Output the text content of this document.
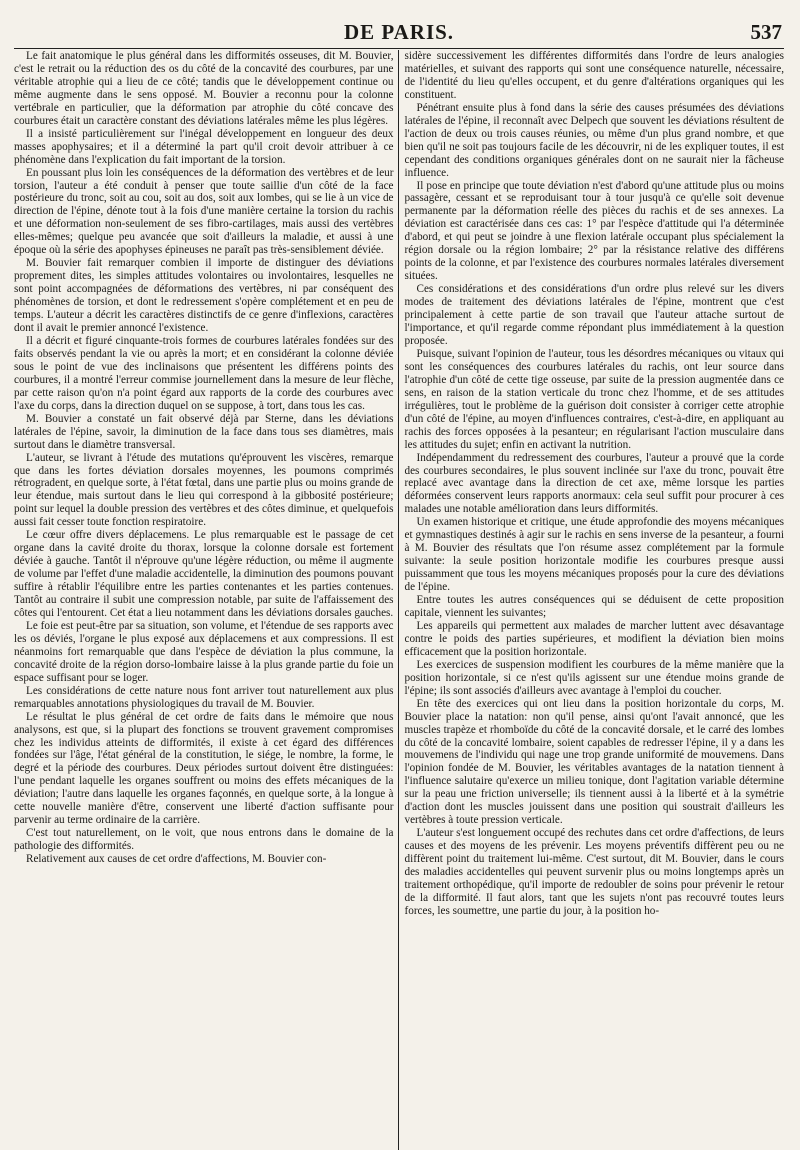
DE PARIS.	537

Le fait anatomique le plus général dans les difformités osseuses, dit M. Bouvier, c'est le retrait ou la réduction des os du côté de la concavité des courbures, par une véritable atrophie qui a lieu de ce côté; tandis que le développement continue ou même augmente dans le sens opposé. M. Bouvier a reconnu pour la colonne vertébrale en particulier, que la déformation par atrophie du côté concave des courbures était un caractère constant des déviations latérales même les plus légères.

Il a insisté particulièrement sur l'inégal développement en longueur des deux masses apophysaires; et il a déterminé la part qu'il croit devoir attribuer à ce phénomène dans l'explication du fait important de la torsion.

En poussant plus loin les conséquences de la déformation des vertèbres et de leur torsion, l'auteur a été conduit à penser que toute saillie d'un côté de la face postérieure du tronc, soit au cou, soit au dos, soit aux lombes, qui se lie à un vice de direction de l'épine, dénote tout à la fois d'une manière certaine la torsion du rachis et une déformation non-seulement de ses fibro-cartilages, mais aussi des vertèbres elles-mêmes; quelque peu avancée que soit d'ailleurs la maladie, et aussi à une époque où la série des apophyses épineuses ne paraît pas très-sensiblement déviée.

M. Bouvier fait remarquer combien il importe de distinguer des déviations proprement dites, les simples attitudes volontaires ou involontaires, lesquelles ne sont point accompagnées de déformations des vertèbres, ni par conséquent des phénomènes de torsion, et dont le redressement s'opère complétement et en peu de temps. L'auteur a décrit les caractères distinctifs de ce genre d'inflexions, caractères dont il avait le premier annoncé l'existence.

Il a décrit et figuré cinquante-trois formes de courbures latérales fondées sur des faits observés pendant la vie ou après la mort; et en considérant la colonne déviée sous le point de vue des inclinaisons que présentent les différens points des courbures, il a montré l'erreur commise journellement dans la mesure de leur flèche, par cette raison qu'on n'a point égard aux rapports de la corde des courbures avec l'axe du corps, dans la direction duquel on se suppose, à tort, dans tous les cas.

M. Bouvier a constaté un fait observé déjà par Sterne, dans les déviations latérales de l'épine, savoir, la diminution de la face dans tous ses diamètres, mais surtout dans le diamètre transversal.

L'auteur, se livrant à l'étude des mutations qu'éprouvent les viscères, remarque que dans les fortes déviation dorsales moyennes, les poumons comprimés rétrogradent, en quelque sorte, à l'état fœtal, dans une partie plus ou moins grande de leur étendue, mais surtout dans le lieu qui correspond à la gibbosité postérieure; point sur lequel la double pression des vertèbres et des côtes diminue, et quelquefois aussi fait cesser toute fonction respiratoire.

Le cœur offre divers déplacemens. Le plus remarquable est le passage de cet organe dans la cavité droite du thorax, lorsque la colonne dorsale est fortement déviée à gauche. Tantôt il n'éprouve qu'une légère réduction, ou même il augmente de volume par l'effet d'une maladie accidentelle, la diminution des poumons pouvant suffire à rétablir l'équilibre entre les parties contenantes et les parties contenues. Tantôt au contraire il subit une compression notable, par suite de l'affaissement des côtes qui l'entourent. Cet état a lieu notamment dans les déviations dorsales gauches.

Le foie est peut-être par sa situation, son volume, et l'étendue de ses rapports avec les os déviés, l'organe le plus exposé aux déplacemens et aux compressions. Il est néanmoins fort remarquable que dans l'espèce de déviation la plus commune, la concavité droite de la région dorso-lombaire laisse à la plus grande partie du foie un espace suffisant pour se loger.

Les considérations de cette nature nous font arriver tout naturellement aux plus remarquables annotations physiologiques du travail de M. Bouvier.

Le résultat le plus général de cet ordre de faits dans le mémoire que nous analysons, est que, si la plupart des fonctions se trouvent gravement compromises chez les individus atteints de difformités, il existe à cet égard des différences fondées sur l'âge, l'état général de la constitution, le siége, le nombre, la forme, le degré et la période des courbures. Deux périodes surtout doivent être distinguées: l'une pendant laquelle les organes souffrent ou moins des effets mécaniques de la déviation; l'autre dans laquelle les organes façonnés, en quelque sorte, à la longue à cette nouvelle manière d'être, conservent une liberté d'action suffisante pour parvenir au terme ordinaire de la carrière.

C'est tout naturellement, on le voit, que nous entrons dans le domaine de la pathologie des difformités.

Relativement aux causes de cet ordre d'affections, M. Bouvier con-

sidère successivement les différentes difformités dans l'ordre de leurs analogies matérielles, et suivant des rapports qui sont une conséquence naturelle, nécessaire, de l'identité du lieu qu'elles occupent, et du genre d'altérations organiques qui les constituent.

Pénétrant ensuite plus à fond dans la série des causes présumées des déviations latérales de l'épine, il reconnaît avec Delpech que souvent les déviations résultent de l'action de deux ou trois causes réunies, ou même d'un plus grand nombre, et que bien qu'il ne soit pas toujours facile de les découvrir, ni de les expliquer toutes, il est cependant des conditions organiques générales dont on ne saurait nier la fâcheuse influence.

Il pose en principe que toute déviation n'est d'abord qu'une attitude plus ou moins passagère, cessant et se reproduisant tour à tour jusqu'à ce qu'elle soit devenue permanente par la déformation réelle des pièces du rachis et de ses annexes. La déviation est caractérisée dans ces cas: 1° par l'espèce d'attitude qui l'a déterminée d'abord, et qui peut se joindre à une flexion latérale occupant plus spécialement la région dorsale ou la région lombaire; 2° par la résistance relative des différens points de la colonne, et par l'existence des courbures normales latérales diversement situées.

Ces considérations et des considérations d'un ordre plus relevé sur les divers modes de traitement des déviations latérales de l'épine, montrent que c'est principalement à cette partie de son travail que l'auteur attache surtout de l'importance, et qu'il regarde comme répondant plus immédiatement à la question proposée.

Puisque, suivant l'opinion de l'auteur, tous les désordres mécaniques ou vitaux qui sont les conséquences des courbures latérales du rachis, ont leur source dans l'atrophie d'un côté de cette tige osseuse, par suite de la pression augmentée dans ce sens, en raison de la station verticale du tronc chez l'homme, et de ses attitudes irrégulières, tout le problème de la guérison doit consister à corriger cette atrophie d'un côté de l'épine, au moyen d'influences contraires, c'est-à-dire, en appliquant au rachis des forces opposées à la pesanteur; en régularisant l'action musculaire dans les attitudes du sujet; enfin en activant la nutrition.

Indépendamment du redressement des courbures, l'auteur a prouvé que la corde des courbures secondaires, le plus souvent inclinée sur l'axe du tronc, pouvait être replacé avec avantage dans la direction de cet axe, même lorsque les parties déformées conservent leurs rapports anormaux: cela seul suffit pour procurer à ces malades une notable amélioration dans leurs difformités.

Un examen historique et critique, une étude approfondie des moyens mécaniques et gymnastiques destinés à agir sur le rachis en sens inverse de la pesanteur, a fourni à M. Bouvier des résultats que l'on résume assez complétement par la formule suivante: la seule position horizontale modifie les courbures presque aussi puissamment que tous les moyens mécaniques proposés pour la cure des déviations de l'épine.

Entre toutes les autres conséquences qui se déduisent de cette proposition capitale, viennent les suivantes;

Les appareils qui permettent aux malades de marcher luttent avec désavantage contre le poids des parties supérieures, et modifient la déviation bien moins efficacement que la position horizontale.

Les exercices de suspension modifient les courbures de la même manière que la position horizontale, si ce n'est qu'ils agissent sur une étendue moins grande de l'épine; ils sont associés d'ailleurs avec avantage à l'emploi du coucher.

En tête des exercices qui ont lieu dans la position horizontale du corps, M. Bouvier place la natation: non qu'il pense, ainsi qu'ont l'avait annoncé, que les muscles trapèze et rhomboïde du côté de la concavité dorsale, et le carré des lombes du côté de la concavité lombaire, soient capables de redresser l'épine, il y a dans les mouvemens de l'individu qui nage une trop grande uniformité de mouvemens. Dans l'opinion fondée de M. Bouvier, les véritables avantages de la natation tiennent à l'influence salutaire qu'exerce un milieu tonique, dont l'agitation variable détermine sur la peau une friction universelle; ils tiennent aussi à la liberté et à la symétrie d'action dont les muscles jouissent dans une position qui soustrait d'ailleurs les vertèbres à toute pression verticale.

L'auteur s'est longuement occupé des rechutes dans cet ordre d'affections, de leurs causes et des moyens de les prévenir. Les moyens préventifs diffèrent peu ou ne diffèrent point du traitement lui-même. C'est surtout, dit M. Bouvier, dans le cours des maladies accidentelles qui peuvent survenir plus ou moins longtemps après un traitement orthopédique, qu'il importe de redoubler de soins pour prévenir le retour de la difformité. Il faut alors, tant que les sujets n'ont pas recouvré toutes leurs forces, les soumettre, une partie du jour, à la position ho-
